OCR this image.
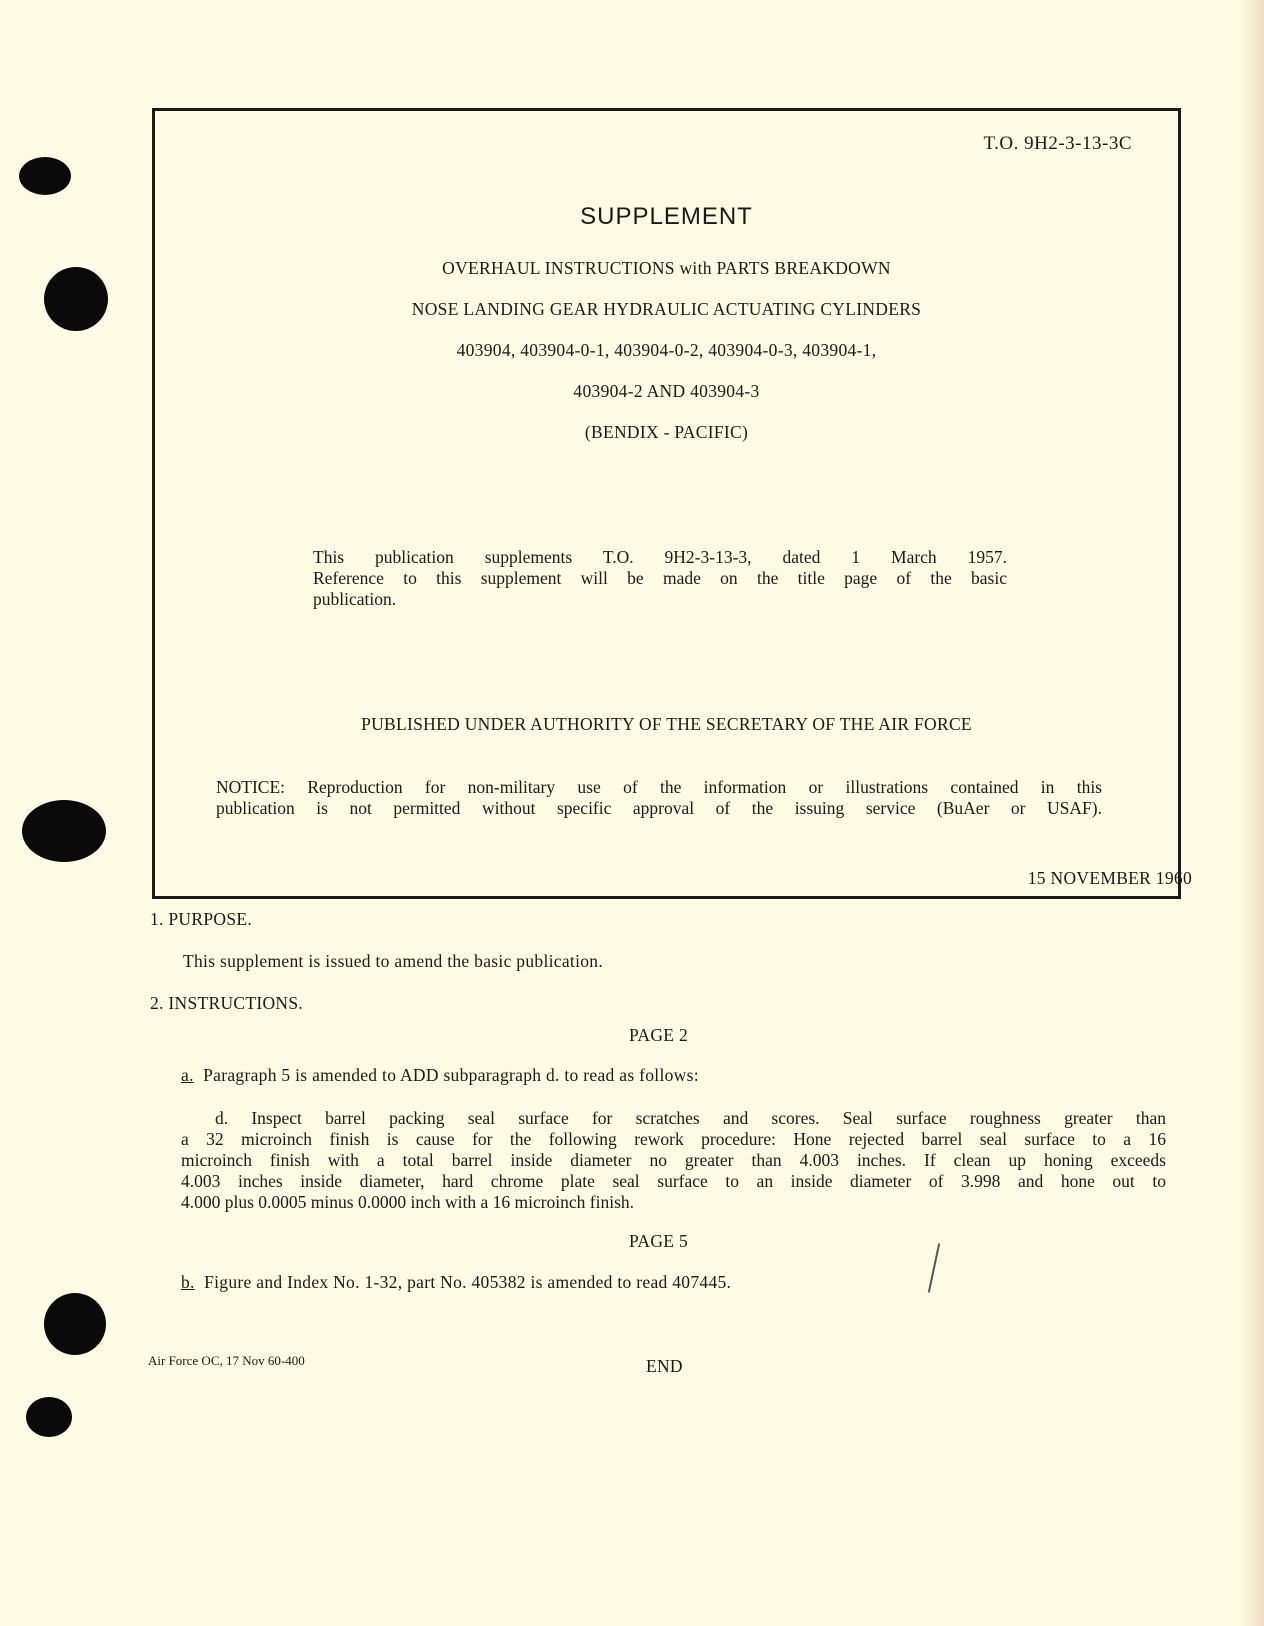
T.O. 9H2-3-13-3C
SUPPLEMENT
OVERHAUL INSTRUCTIONS with PARTS BREAKDOWN
NOSE LANDING GEAR HYDRAULIC ACTUATING CYLINDERS
403904, 403904-0-1, 403904-0-2, 403904-0-3, 403904-1,
403904-2 AND 403904-3
(BENDIX - PACIFIC)
This publication supplements T.O. 9H2-3-13-3, dated 1 March 1957.
Reference to this supplement will be made on the title page of the basic
publication.
PUBLISHED UNDER AUTHORITY OF THE SECRETARY OF THE AIR FORCE
NOTICE: Reproduction for non-military use of the information or illustrations contained in this
publication is not permitted without specific approval of the issuing service (BuAer or USAF).
15 NOVEMBER 1960
1. PURPOSE.
This supplement is issued to amend the basic publication.
2. INSTRUCTIONS.
PAGE 2
a. Paragraph 5 is amended to ADD subparagraph d. to read as follows:
d. Inspect barrel packing seal surface for scratches and scores. Seal surface roughness greater than
a 32 microinch finish is cause for the following rework procedure: Hone rejected barrel seal surface to a 16
microinch finish with a total barrel inside diameter no greater than 4.003 inches. If clean up honing exceeds
4.003 inches inside diameter, hard chrome plate seal surface to an inside diameter of 3.998 and hone out to
4.000 plus 0.0005 minus 0.0000 inch with a 16 microinch finish.
PAGE 5
b. Figure and Index No. 1-32, part No. 405382 is amended to read 407445.
END
Air Force OC, 17 Nov 60-400
